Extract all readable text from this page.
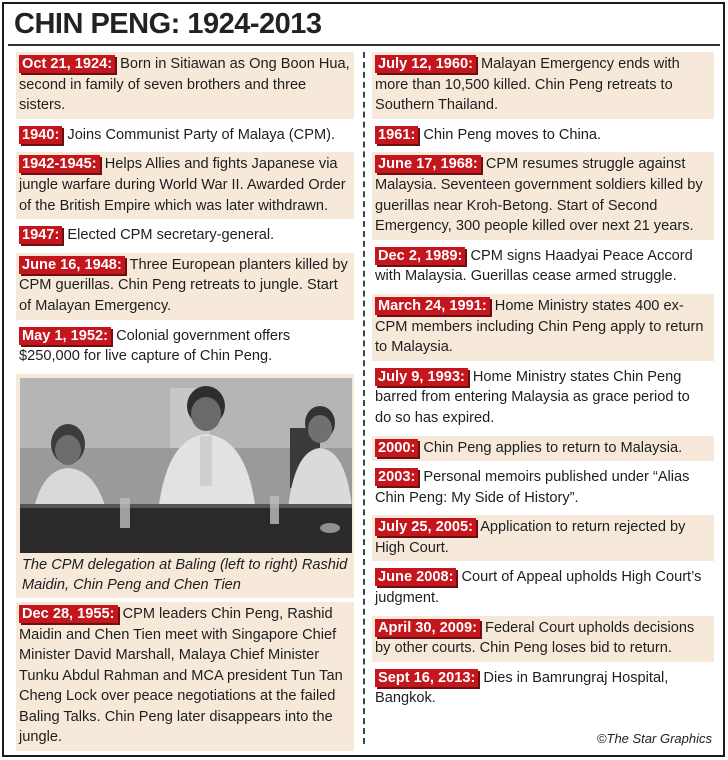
CHIN PENG: 1924-2013
Oct 21, 1924: Born in Sitiawan as Ong Boon Hua, second in family of seven brothers and three sisters.
1940: Joins Communist Party of Malaya (CPM).
1942-1945: Helps Allies and fights Japanese via jungle warfare during World War II. Awarded Order of the British Empire which was later withdrawn.
1947: Elected CPM secretary-general.
June 16, 1948: Three European planters killed by CPM guerillas. Chin Peng retreats to jungle. Start of Malayan Emergency.
May 1, 1952: Colonial government offers $250,000 for live capture of Chin Peng.
The CPM delegation at Baling (left to right) Rashid Maidin, Chin Peng and Chen Tien
Dec 28, 1955: CPM leaders Chin Peng, Rashid Maidin and Chen Tien meet with Singapore Chief Minister David Marshall, Malaya Chief Minister Tunku Abdul Rahman and MCA president Tun Tan Cheng Lock over peace negotiations at the failed Baling Talks. Chin Peng later disappears into the jungle.
July 12, 1960: Malayan Emergency ends with more than 10,500 killed. Chin Peng retreats to Southern Thailand.
1961: Chin Peng moves to China.
June 17, 1968: CPM resumes struggle against Malaysia. Seventeen government soldiers killed by guerillas near Kroh-Betong. Start of Second Emergency, 300 people killed over next 21 years.
Dec 2, 1989: CPM signs Haadyai Peace Accord with Malaysia. Guerillas cease armed struggle.
March 24, 1991: Home Ministry states 400 ex-CPM members including Chin Peng apply to return to Malaysia.
July 9, 1993: Home Ministry states Chin Peng barred from entering Malaysia as grace period to do so has expired.
2000: Chin Peng applies to return to Malaysia.
2003: Personal memoirs published under “Alias Chin Peng: My Side of History”.
July 25, 2005: Application to return rejected by High Court.
June 2008: Court of Appeal upholds High Court’s judgment.
April 30, 2009: Federal Court upholds decisions by other courts. Chin Peng loses bid to return.
Sept 16, 2013: Dies in Bamrungraj Hospital, Bangkok.
©The Star Graphics
